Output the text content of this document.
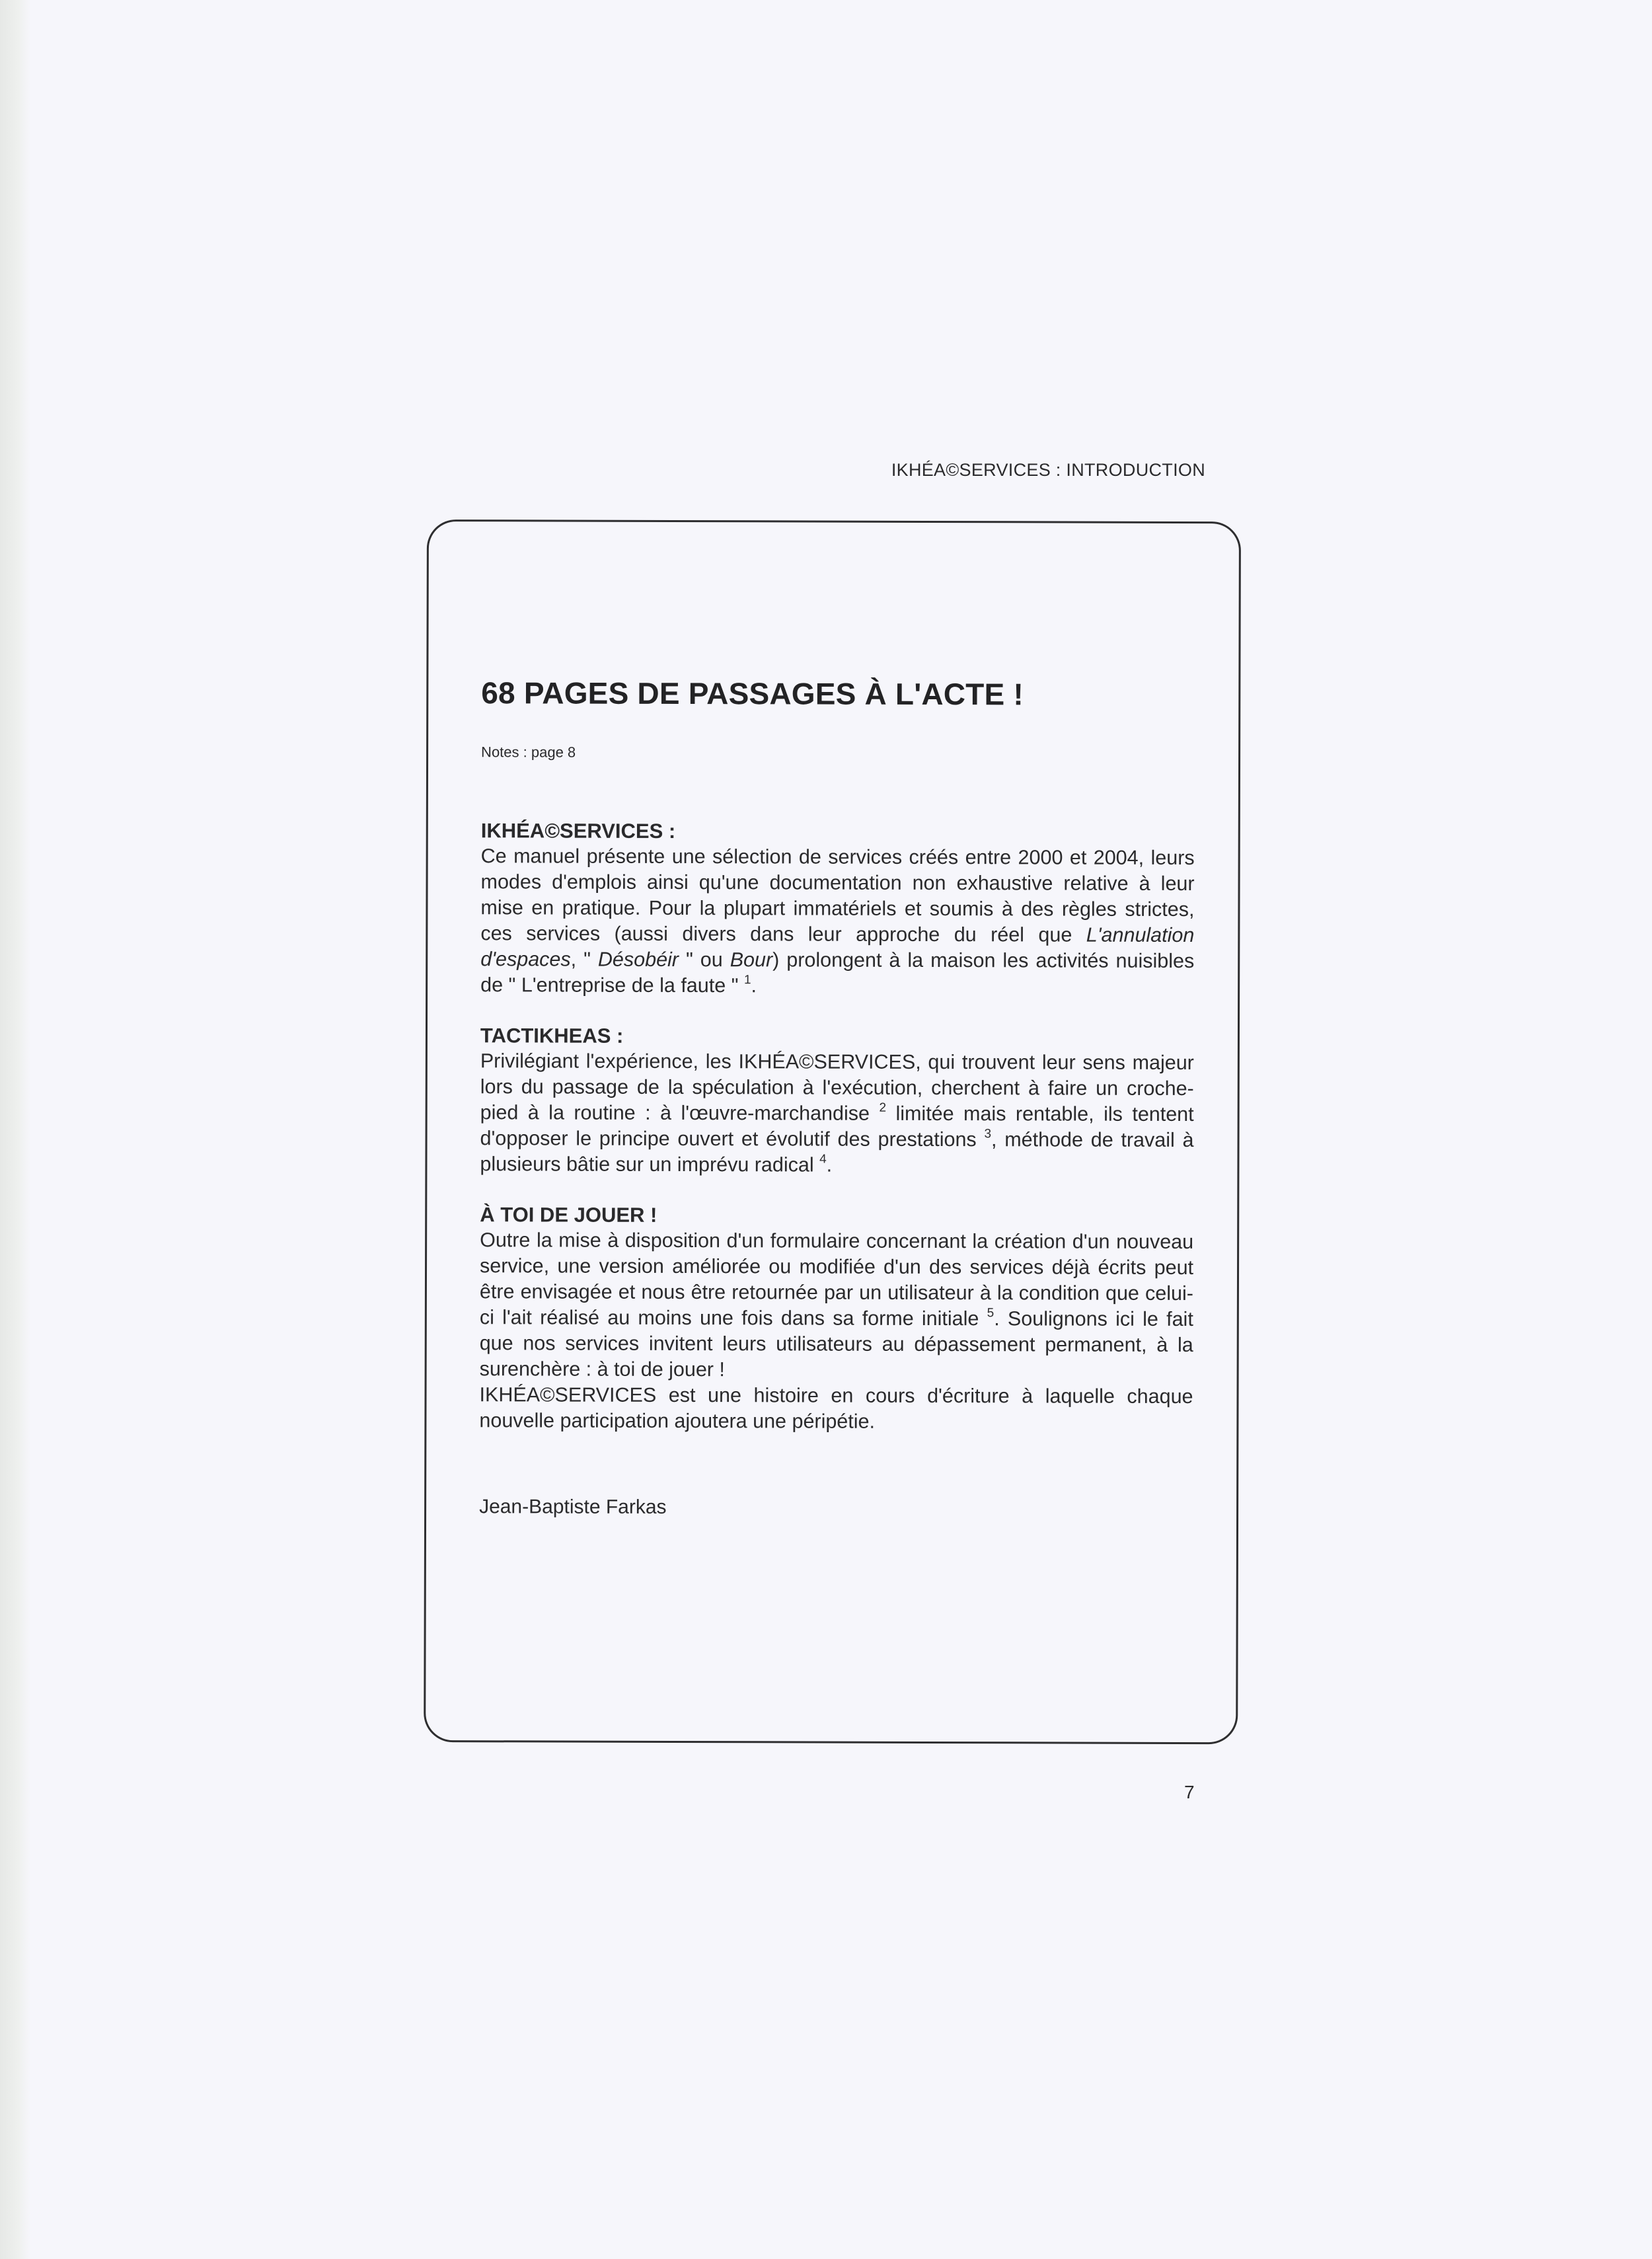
IKHÉA©SERVICES : INTRODUCTION
68 PAGES DE PASSAGES À L'ACTE !
Notes : page 8
IKHÉA©SERVICES :

Ce manuel présente une sélection de services créés entre 2000 et 2004, leurs modes d'emplois ainsi qu'une documentation non exhaustive relative à leur mise en pratique. Pour la plupart immatériels et soumis à des règles strictes, ces services (aussi divers dans leur approche du réel que L'annulation d'espaces, " Désobéir " ou Bour) prolongent à la maison les activités nuisibles de " L'entreprise de la faute " $^1$.

TACTIKHEAS :

Privilégiant l'expérience, les IKHÉA©SERVICES, qui trouvent leur sens majeur lors du passage de la spéculation à l'exécution, cherchent à faire un croche-pied à la routine : à l'œuvre-marchandise $^2$ limitée mais rentable, ils tentent d'opposer le principe ouvert et évolutif des prestations $^3$, méthode de travail à plusieurs bâtie sur un imprévu radical $^4$.

À TOI DE JOUER !

Outre la mise à disposition d'un formulaire concernant la création d'un nouveau service, une version améliorée ou modifiée d'un des services déjà écrits peut être envisagée et nous être retournée par un utilisateur à la condition que celui-ci l'ait réalisé au moins une fois dans sa forme initiale $^5$. Soulignons ici le fait que nos services invitent leurs utilisateurs au dépassement permanent, à la surenchère : à toi de jouer !

IKHÉA©SERVICES est une histoire en cours d'écriture à laquelle chaque nouvelle participation ajoutera une péripétie.

Jean-Baptiste Farkas
7
